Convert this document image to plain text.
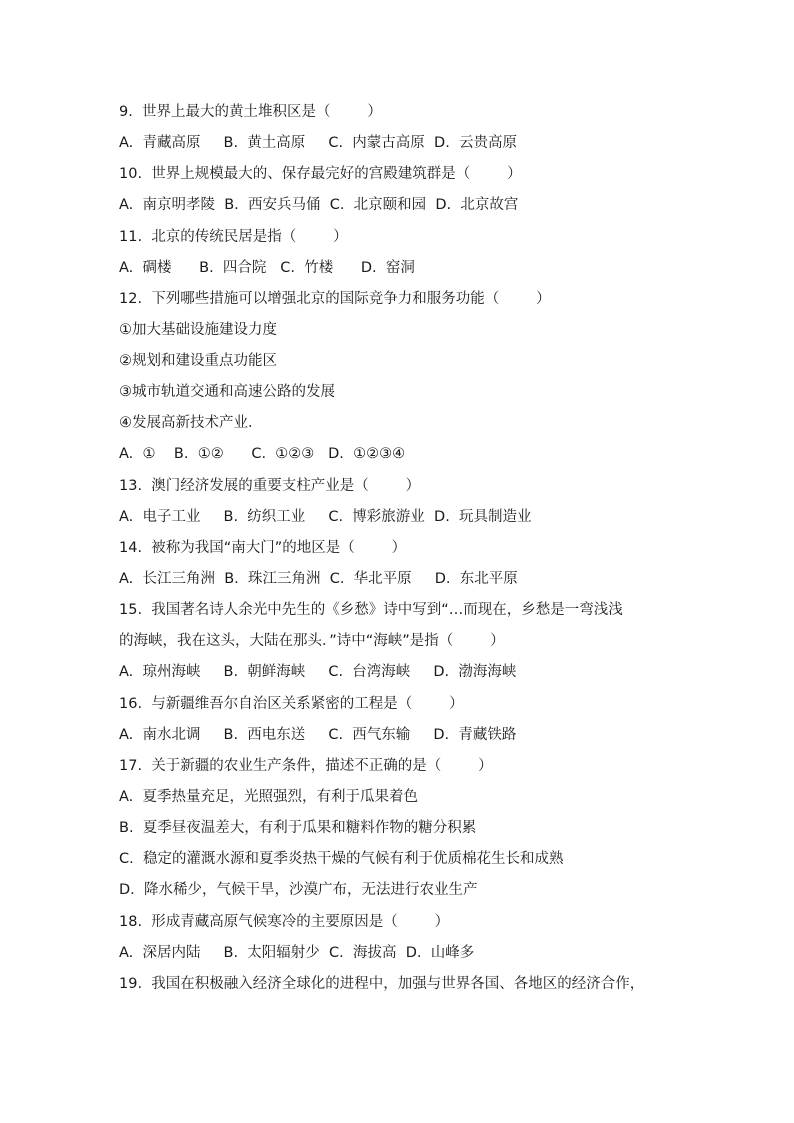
9.  世界上最大的黄土堆积区是（        ）
A.  青藏高原     B.  黄土高原     C.  内蒙古高原  D.  云贵高原
10.  世界上规模最大的、保存最完好的宫殿建筑群是（        ）
A.  南京明孝陵  B.  西安兵马俑  C.  北京颐和园  D.  北京故宫
11.  北京的传统民居是指（        ）
A.  碉楼      B.  四合院   C.  竹楼      D.  窑洞
12.  下列哪些措施可以增强北京的国际竞争力和服务功能（        ）
①加大基础设施建设力度
②规划和建设重点功能区
③城市轨道交通和高速公路的发展
④发展高新技术产业．
A.  ①    B.  ①②      C.  ①②③   D.  ①②③④
13.  澳门经济发展的重要支柱产业是（        ）
A.  电子工业     B.  纺织工业     C.  博彩旅游业  D.  玩具制造业
14.  被称为我国“南大门”的地区是（        ）
A.  长江三角洲  B.  珠江三角洲  C.  华北平原     D.  东北平原
15.  我国著名诗人余光中先生的《乡愁》诗中写到“…而现在，乡愁是一弯浅浅
的海峡，我在这头，大陆在那头．”诗中“海峡”是指（        ）
A.  琼州海峡     B.  朝鲜海峡     C.  台湾海峡     D.  渤海海峡
16.  与新疆维吾尔自治区关系紧密的工程是（        ）
A.  南水北调     B.  西电东送     C.  西气东输     D.  青藏铁路
17.  关于新疆的农业生产条件，描述不正确的是（        ）
A.  夏季热量充足，光照强烈，有利于瓜果着色
B.  夏季昼夜温差大，有利于瓜果和糖料作物的糖分积累
C.  稳定的灌溉水源和夏季炎热干燥的气候有利于优质棉花生长和成熟
D.  降水稀少，气候干旱，沙漠广布，无法进行农业生产
18.  形成青藏高原气候寒冷的主要原因是（        ）
A.  深居内陆     B.  太阳辐射少  C.  海拔高  D.  山峰多
19.  我国在积极融入经济全球化的进程中，加强与世界各国、各地区的经济合作，
